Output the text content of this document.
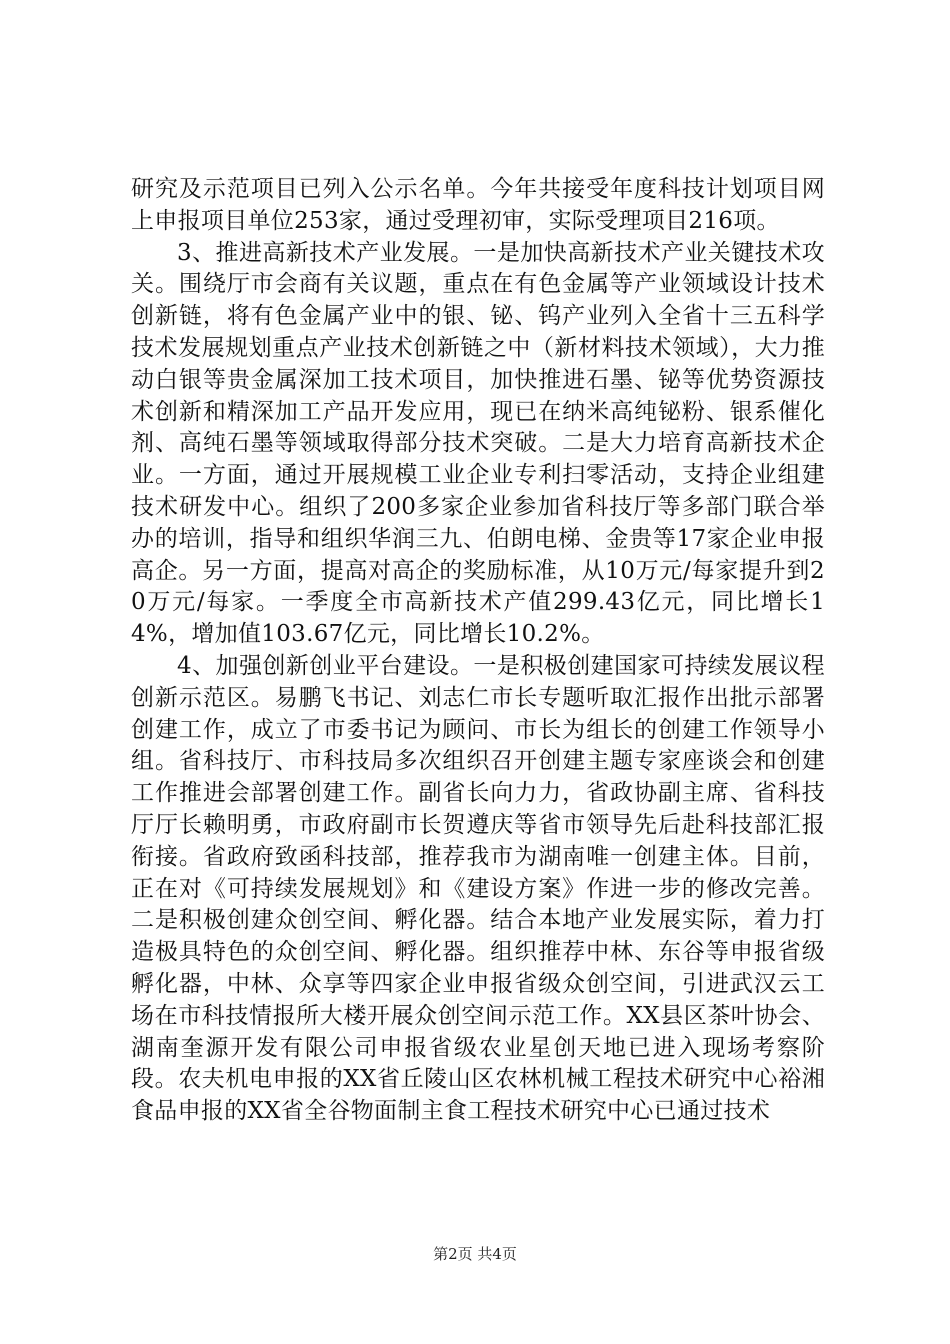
研究及示范项目已列入公示名单。今年共接受年度科技计划项目网上申报项目单位253家，通过受理初审，实际受理项目216项。

3、推进高新技术产业发展。一是加快高新技术产业关键技术攻关。围绕厅市会商有关议题，重点在有色金属等产业领域设计技术创新链，将有色金属产业中的银、铋、钨产业列入全省十三五科学技术发展规划重点产业技术创新链之中（新材料技术领域），大力推动白银等贵金属深加工技术项目，加快推进石墨、铋等优势资源技术创新和精深加工产品开发应用，现已在纳米高纯铋粉、银系催化剂、高纯石墨等领域取得部分技术突破。二是大力培育高新技术企业。一方面，通过开展规模工业企业专利扫零活动，支持企业组建技术研发中心。组织了200多家企业参加省科技厅等多部门联合举办的培训，指导和组织华润三九、伯朗电梯、金贵等17家企业申报高企。另一方面，提高对高企的奖励标准，从10万元/每家提升到20万元/每家。一季度全市高新技术产值299.43亿元，同比增长14%，增加值103.67亿元，同比增长10.2%。

4、加强创新创业平台建设。一是积极创建国家可持续发展议程创新示范区。易鹏飞书记、刘志仁市长专题听取汇报作出批示部署创建工作，成立了市委书记为顾问、市长为组长的创建工作领导小组。省科技厅、市科技局多次组织召开创建主题专家座谈会和创建工作推进会部署创建工作。副省长向力力，省政协副主席、省科技厅厅长赖明勇，市政府副市长贺遵庆等省市领导先后赴科技部汇报衔接。省政府致函科技部，推荐我市为湖南唯一创建主体。目前，正在对《可持续发展规划》和《建设方案》作进一步的修改完善。二是积极创建众创空间、孵化器。结合本地产业发展实际，着力打造极具特色的众创空间、孵化器。组织推荐中林、东谷等申报省级孵化器，中林、众享等四家企业申报省级众创空间，引进武汉云工场在市科技情报所大楼开展众创空间示范工作。XX县区茶叶协会、湖南奎源开发有限公司申报省级农业星创天地已进入现场考察阶段。农夫机电申报的XX省丘陵山区农林机械工程技术研究中心裕湘食品申报的XX省全谷物面制主食工程技术研究中心已通过技术

第2页 共4页
